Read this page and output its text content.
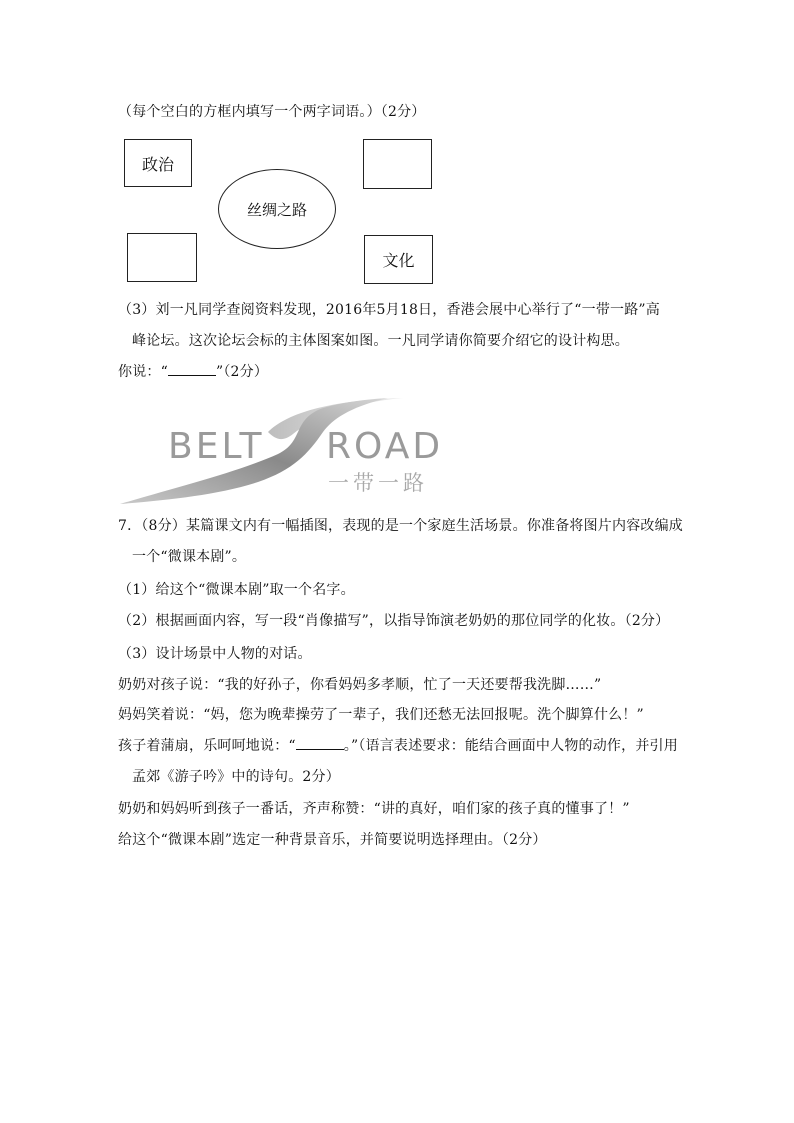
（每个空白的方框内填写一个两字词语。）（2分）
政治
丝绸之路
文化
（3）刘一凡同学查阅资料发现，2016年5月18日，香港会展中心举行了“一带一路”高
峰论坛。这次论坛会标的主体图案如图。一凡同学请你简要介绍它的设计构思。
你说：“	”（2分）
BELT ROAD
一带一路
7．（8分）某篇课文内有一幅插图，表现的是一个家庭生活场景。你准备将图片内容改编成
一个“微课本剧”。
（1）给这个“微课本剧”取一个名字。
（2）根据画面内容，写一段“肖像描写”，以指导饰演老奶奶的那位同学的化妆。（2分）
（3）设计场景中人物的对话。
奶奶对孩子说：“我的好孙子，你看妈妈多孝顺，忙了一天还要帮我洗脚……”
妈妈笑着说：“妈，您为晚辈操劳了一辈子，我们还愁无法回报呢。洗个脚算什么！”
孩子着蒲扇，乐呵呵地说：“	。”（语言表述要求：能结合画面中人物的动作，并引用
孟郊《游子吟》中的诗句。2分）
奶奶和妈妈听到孩子一番话，齐声称赞：“讲的真好，咱们家的孩子真的懂事了！”
给这个“微课本剧”选定一种背景音乐，并简要说明选择理由。（2分）
